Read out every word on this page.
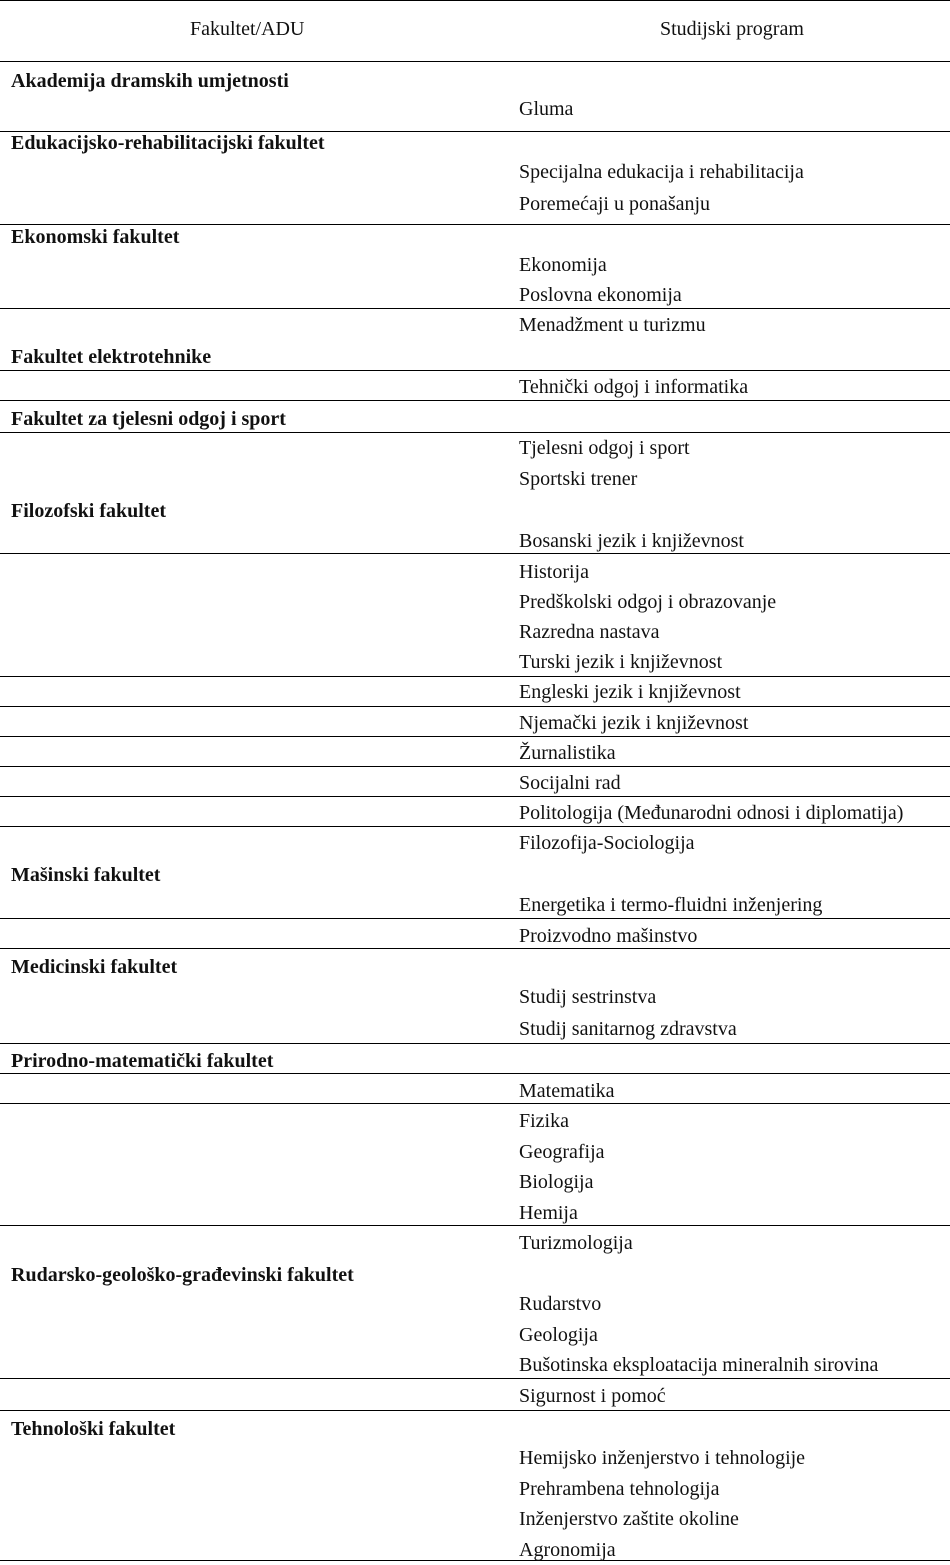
Fakultet/ADU	Studijski program
Akademija dramskih umjetnosti
Gluma
Edukacijsko-rehabilitacijski fakultet
Specijalna edukacija i rehabilitacija
Poremećaji u ponašanju
Ekonomski fakultet
Ekonomija
Poslovna ekonomija
Menadžment u turizmu
Fakultet elektrotehnike
Tehnički odgoj i informatika
Fakultet za tjelesni odgoj i sport
Tjelesni odgoj i sport
Sportski trener
Filozofski fakultet
Bosanski jezik i književnost
Historija
Predškolski odgoj i obrazovanje
Razredna nastava
Turski jezik i književnost
Engleski jezik i književnost
Njemački jezik i književnost
Žurnalistika
Socijalni rad
Politologija (Međunarodni odnosi i diplomatija)
Filozofija-Sociologija
Mašinski fakultet
Energetika i termo-fluidni inženjering
Proizvodno mašinstvo
Medicinski fakultet
Studij sestrinstva
Studij sanitarnog zdravstva
Prirodno-matematički fakultet
Matematika
Fizika
Geografija
Biologija
Hemija
Turizmologija
Rudarsko-geološko-građevinski fakultet
Rudarstvo
Geologija
Bušotinska eksploatacija mineralnih sirovina
Sigurnost i pomoć
Tehnološki fakultet
Hemijsko inženjerstvo i tehnologije
Prehrambena tehnologija
Inženjerstvo zaštite okoline
Agronomija
